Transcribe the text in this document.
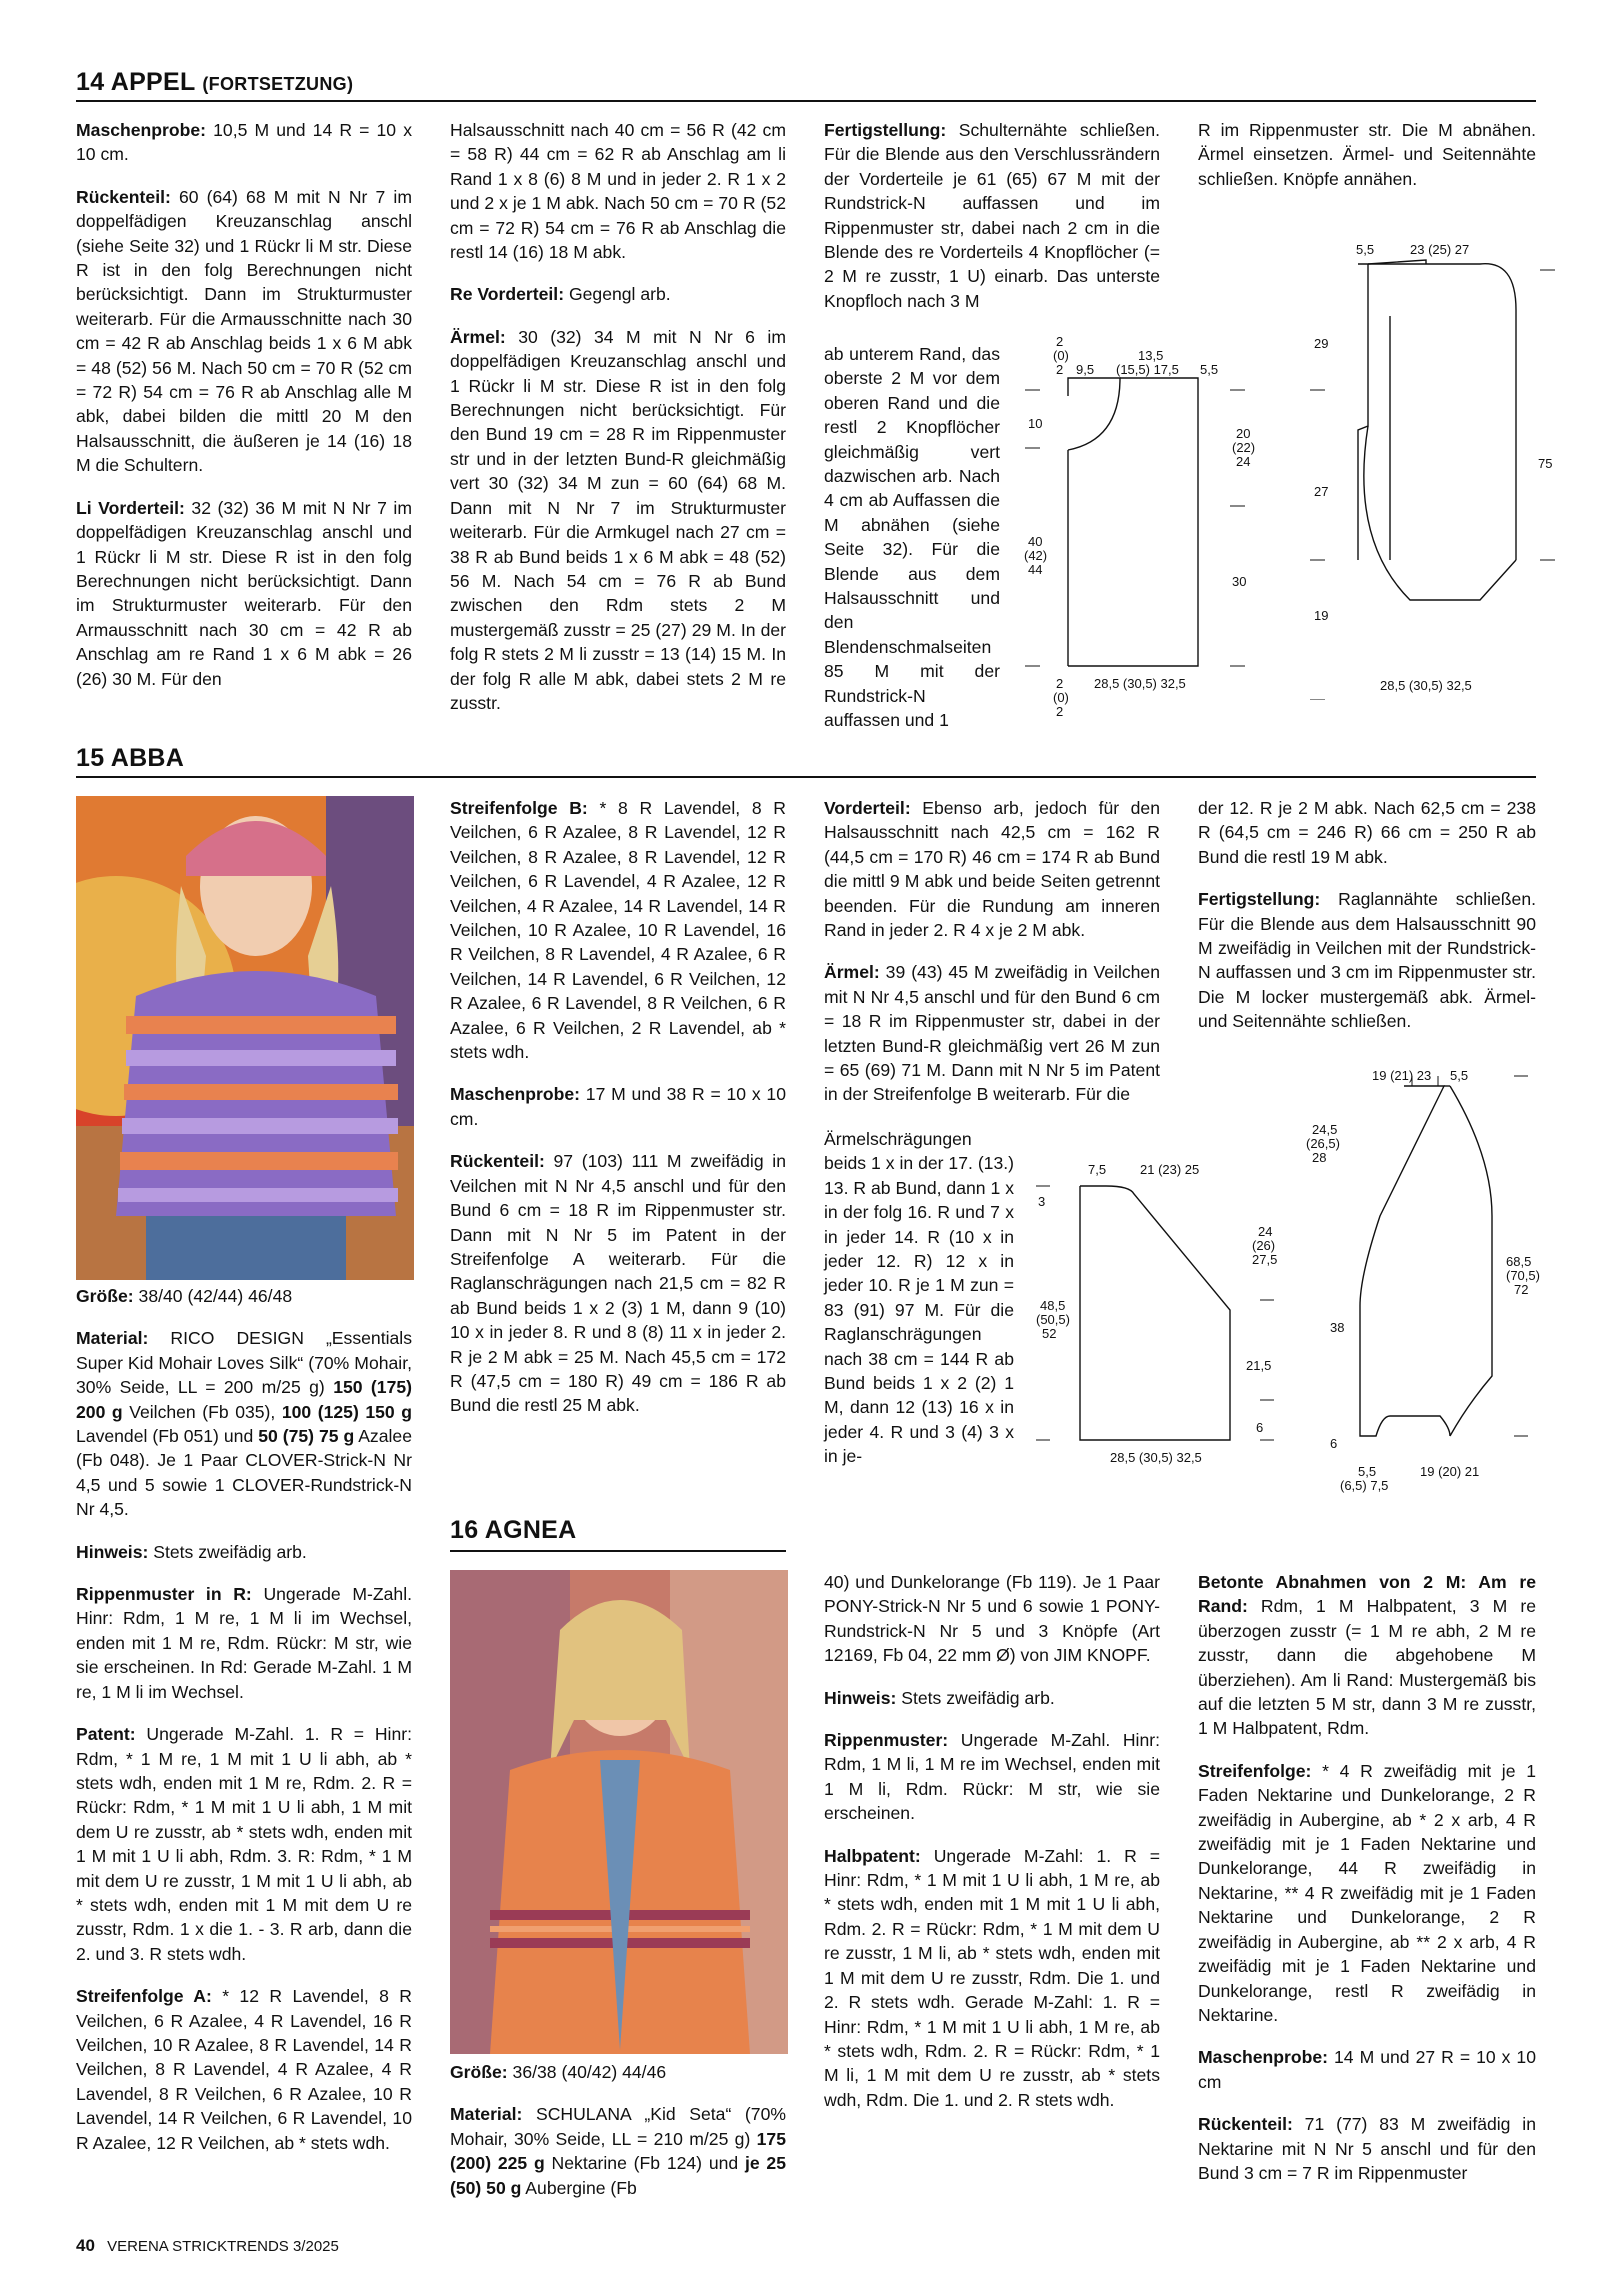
14 APPEL (FORTSETZUNG)

Maschenprobe: 10,5 M und 14 R = 10 x 10 cm.

Rückenteil: 60 (64) 68 M mit N Nr 7 im doppelfädigen Kreuzanschlag anschl (siehe Seite 32) und 1 Rückr li M str. Diese R ist in den folg Berechnungen nicht berücksichtigt. Dann im Strukturmuster weiterarb. Für die Armausschnitte nach 30 cm = 42 R ab Anschlag beids 1 x 6 M abk = 48 (52) 56 M. Nach 50 cm = 70 R (52 cm = 72 R) 54 cm = 76 R ab Anschlag alle M abk, dabei bilden die mittl 20 M den Halsausschnitt, die äußeren je 14 (16) 18 M die Schultern.

Li Vorderteil: 32 (32) 36 M mit N Nr 7 im doppelfädigen Kreuzanschlag anschl und 1 Rückr li M str. Diese R ist in den folg Berechnungen nicht berücksichtigt. Dann im Strukturmuster weiterarb. Für den Armausschnitt nach 30 cm = 42 R ab Anschlag am re Rand 1 x 6 M abk = 26 (26) 30 M. Für den

Halsausschnitt nach 40 cm = 56 R (42 cm = 58 R) 44 cm = 62 R ab Anschlag am li Rand 1 x 8 (6) 8 M und in jeder 2. R 1 x 2 und 2 x je 1 M abk. Nach 50 cm = 70 R (52 cm = 72 R) 54 cm = 76 R ab Anschlag die restl 14 (16) 18 M abk.

Re Vorderteil: Gegengl arb.

Ärmel: 30 (32) 34 M mit N Nr 6 im doppelfädigen Kreuzanschlag anschl und 1 Rückr li M str. Diese R ist in den folg Berechnungen nicht berücksichtigt. Für den Bund 19 cm = 28 R im Rippenmuster str und in der letzten Bund-R gleichmäßig vert 30 (32) 34 M zun = 60 (64) 68 M. Dann mit N Nr 7 im Strukturmuster weiterarb. Für die Armkugel nach 27 cm = 38 R ab Bund beids 1 x 6 M abk = 48 (52) 56 M. Nach 54 cm = 76 R ab Bund zwischen den Rdm stets 2 M mustergemäß zusstr = 25 (27) 29 M. In der folg R stets 2 M li zusstr = 13 (14) 15 M. In der folg R alle M abk, dabei stets 2 M re zusstr.

Fertigstellung: Schulternähte schließen. Für die Blende aus den Verschlussrändern der Vorderteile je 61 (65) 67 M mit der Rundstrick-N auffassen und im Rippenmuster str, dabei nach 2 cm in die Blende des re Vorderteils 4 Knopflöcher (= 2 M re zusstr, 1 U) einarb. Das unterste Knopfloch nach 3 M

ab unterem Rand, das oberste 2 M vor dem oberen Rand und die restl 2 Knopflöcher gleichmäßig vert dazwischen arb. Nach 4 cm ab Auffassen die M abnähen (siehe Seite 32). Für die Blende aus dem Halsausschnitt und den Blendenschmalseiten 85 M mit der Rundstrick-N auffassen und 1

R im Rippenmuster str. Die M abnähen. Ärmel einsetzen. Ärmel- und Seitennähte schließen. Knöpfe annähen.

2
(0)
2 9,5
13,5
(15,5) 17,5 5,5
10
20
(22)
24
40
(42)
44
30
2
(0)
2
28,5 (30,5) 32,5
5,5	23 (25) 27
29
27
75
19
28,5 (30,5) 32,5
15 ABBA

Größe: 38/40 (42/44) 46/48

Material: RICO DESIGN „Essentials Super Kid Mohair Loves Silk“ (70% Mohair, 30% Seide, LL = 200 m/25 g) 150 (175) 200 g Veilchen (Fb 035), 100 (125) 150 g Lavendel (Fb 051) und 50 (75) 75 g Azalee (Fb 048). Je 1 Paar CLOVER-Strick-N Nr 4,5 und 5 sowie 1 CLOVER-Rundstrick-N Nr 4,5.

Hinweis: Stets zweifädig arb.

Rippenmuster in R: Ungerade M-Zahl. Hinr: Rdm, 1 M re, 1 M li im Wechsel, enden mit 1 M re, Rdm. Rückr: M str, wie sie erscheinen. In Rd: Gerade M-Zahl. 1 M re, 1 M li im Wechsel.

Patent: Ungerade M-Zahl. 1. R = Hinr: Rdm, * 1 M re, 1 M mit 1 U li abh, ab * stets wdh, enden mit 1 M re, Rdm. 2. R = Rückr: Rdm, * 1 M mit 1 U li abh, 1 M mit dem U re zusstr, ab * stets wdh, enden mit 1 M mit 1 U li abh, Rdm. 3. R: Rdm, * 1 M mit dem U re zusstr, 1 M mit 1 U li abh, ab * stets wdh, enden mit 1 M mit dem U re zusstr, Rdm. 1 x die 1. - 3. R arb, dann die 2. und 3. R stets wdh.

Streifenfolge A: * 12 R Lavendel, 8 R Veilchen, 6 R Azalee, 4 R Lavendel, 16 R Veilchen, 10 R Azalee, 8 R Lavendel, 14 R Veilchen, 8 R Lavendel, 4 R Azalee, 4 R Lavendel, 8 R Veilchen, 6 R Azalee, 10 R Lavendel, 14 R Veilchen, 6 R Lavendel, 10 R Azalee, 12 R Veilchen, ab * stets wdh.

Streifenfolge B: * 8 R Lavendel, 8 R Veilchen, 6 R Azalee, 8 R Lavendel, 12 R Veilchen, 8 R Azalee, 8 R Lavendel, 12 R Veilchen, 6 R Lavendel, 4 R Azalee, 12 R Veilchen, 4 R Azalee, 14 R Lavendel, 14 R Veilchen, 10 R Azalee, 10 R Lavendel, 16 R Veilchen, 8 R Lavendel, 4 R Azalee, 6 R Veilchen, 14 R Lavendel, 6 R Veilchen, 12 R Azalee, 6 R Lavendel, 8 R Veilchen, 6 R Azalee, 6 R Veilchen, 2 R Lavendel, ab * stets wdh.

Maschenprobe: 17 M und 38 R = 10 x 10 cm.

Rückenteil: 97 (103) 111 M zweifädig in Veilchen mit N Nr 4,5 anschl und für den Bund 6 cm = 18 R im Rippenmuster str. Dann mit N Nr 5 im Patent in der Streifenfolge A weiterarb. Für die Raglanschrägungen nach 21,5 cm = 82 R ab Bund beids 1 x 2 (3) 1 M, dann 9 (10) 10 x in jeder 8. R und 8 (8) 11 x in jeder 2. R je 2 M abk = 25 M. Nach 45,5 cm = 172 R (47,5 cm = 180 R) 49 cm = 186 R ab Bund die restl 25 M abk.

Vorderteil: Ebenso arb, jedoch für den Halsausschnitt nach 42,5 cm = 162 R (44,5 cm = 170 R) 46 cm = 174 R ab Bund die mittl 9 M abk und beide Seiten getrennt beenden. Für die Rundung am inneren Rand in jeder 2. R 4 x je 2 M abk.

Ärmel: 39 (43) 45 M zweifädig in Veilchen mit N Nr 4,5 anschl und für den Bund 6 cm = 18 R im Rippenmuster str, dabei in der letzten Bund-R gleichmäßig vert 26 M zun = 65 (69) 71 M. Dann mit N Nr 5 im Patent in der Streifenfolge B weiterarb. Für die

Ärmelschrägungen beids 1 x in der 17. (13.) 13. R ab Bund, dann 1 x in der folg 16. R und 7 x in jeder 14. R (10 x in jeder 12. R) 12 x in jeder 10. R je 1 M zun = 83 (91) 97 M. Für die Raglanschrägungen nach 38 cm = 144 R ab Bund beids 1 x 2 (2) 1 M, dann 12 (13) 16 x in jeder 4. R und 3 (4) 3 x in je-

der 12. R je 2 M abk. Nach 62,5 cm = 238 R (64,5 cm = 246 R) 66 cm = 250 R ab Bund die restl 19 M abk.

Fertigstellung: Raglannähte schließen. Für die Blende aus dem Halsausschnitt 90 M zweifädig in Veilchen mit der Rundstrick-N auffassen und 3 cm im Rippenmuster str. Die M locker mustergemäß abk. Ärmel- und Seitennähte schließen.

7,5	21 (23) 25
3
24
(26)
27,5
48,5
(50,5)
52
21,5
6
28,5 (30,5) 32,5
19 (21) 23 5,5
24,5
(26,5)
28
68,5
(70,5)
72
38
6
5,5
(6,5) 7,5
19 (20) 21
16 AGNEA

Größe: 36/38 (40/42) 44/46

Material: SCHULANA „Kid Seta“ (70% Mohair, 30% Seide, LL = 210 m/25 g) 175 (200) 225 g Nektarine (Fb 124) und je 25 (50) 50 g Aubergine (Fb

40) und Dunkelorange (Fb 119). Je 1 Paar PONY-Strick-N Nr 5 und 6 sowie 1 PONY-Rundstrick-N Nr 5 und 3 Knöpfe (Art 12169, Fb 04, 22 mm Ø) von JIM KNOPF.

Hinweis: Stets zweifädig arb.

Rippenmuster: Ungerade M-Zahl. Hinr: Rdm, 1 M li, 1 M re im Wechsel, enden mit 1 M li, Rdm. Rückr: M str, wie sie erscheinen.

Halbpatent: Ungerade M-Zahl: 1. R = Hinr: Rdm, * 1 M mit 1 U li abh, 1 M re, ab * stets wdh, enden mit 1 M mit 1 U li abh, Rdm. 2. R = Rückr: Rdm, * 1 M mit dem U re zusstr, 1 M li, ab * stets wdh, enden mit 1 M mit dem U re zusstr, Rdm. Die 1. und 2. R stets wdh. Gerade M-Zahl: 1. R = Hinr: Rdm, * 1 M mit 1 U li abh, 1 M re, ab * stets wdh, Rdm. 2. R = Rückr: Rdm, * 1 M li, 1 M mit dem U re zusstr, ab * stets wdh, Rdm. Die 1. und 2. R stets wdh.

Betonte Abnahmen von 2 M: Am re Rand: Rdm, 1 M Halbpatent, 3 M re überzogen zusstr (= 1 M re abh, 2 M re zusstr, dann die abgehobene M überziehen). Am li Rand: Mustergemäß bis auf die letzten 5 M str, dann 3 M re zusstr, 1 M Halbpatent, Rdm.

Streifenfolge: * 4 R zweifädig mit je 1 Faden Nektarine und Dunkelorange, 2 R zweifädig in Aubergine, ab * 2 x arb, 4 R zweifädig mit je 1 Faden Nektarine und Dunkelorange, 44 R zweifädig in Nektarine, ** 4 R zweifädig mit je 1 Faden Nektarine und Dunkelorange, 2 R zweifädig in Aubergine, ab ** 2 x arb, 4 R zweifädig mit je 1 Faden Nektarine und Dunkelorange, restl R zweifädig in Nektarine.

Maschenprobe: 14 M und 27 R = 10 x 10 cm

Rückenteil: 71 (77) 83 M zweifädig in Nektarine mit N Nr 5 anschl und für den Bund 3 cm = 7 R im Rippenmuster

40 VERENA STRICKTRENDS 3/2025
